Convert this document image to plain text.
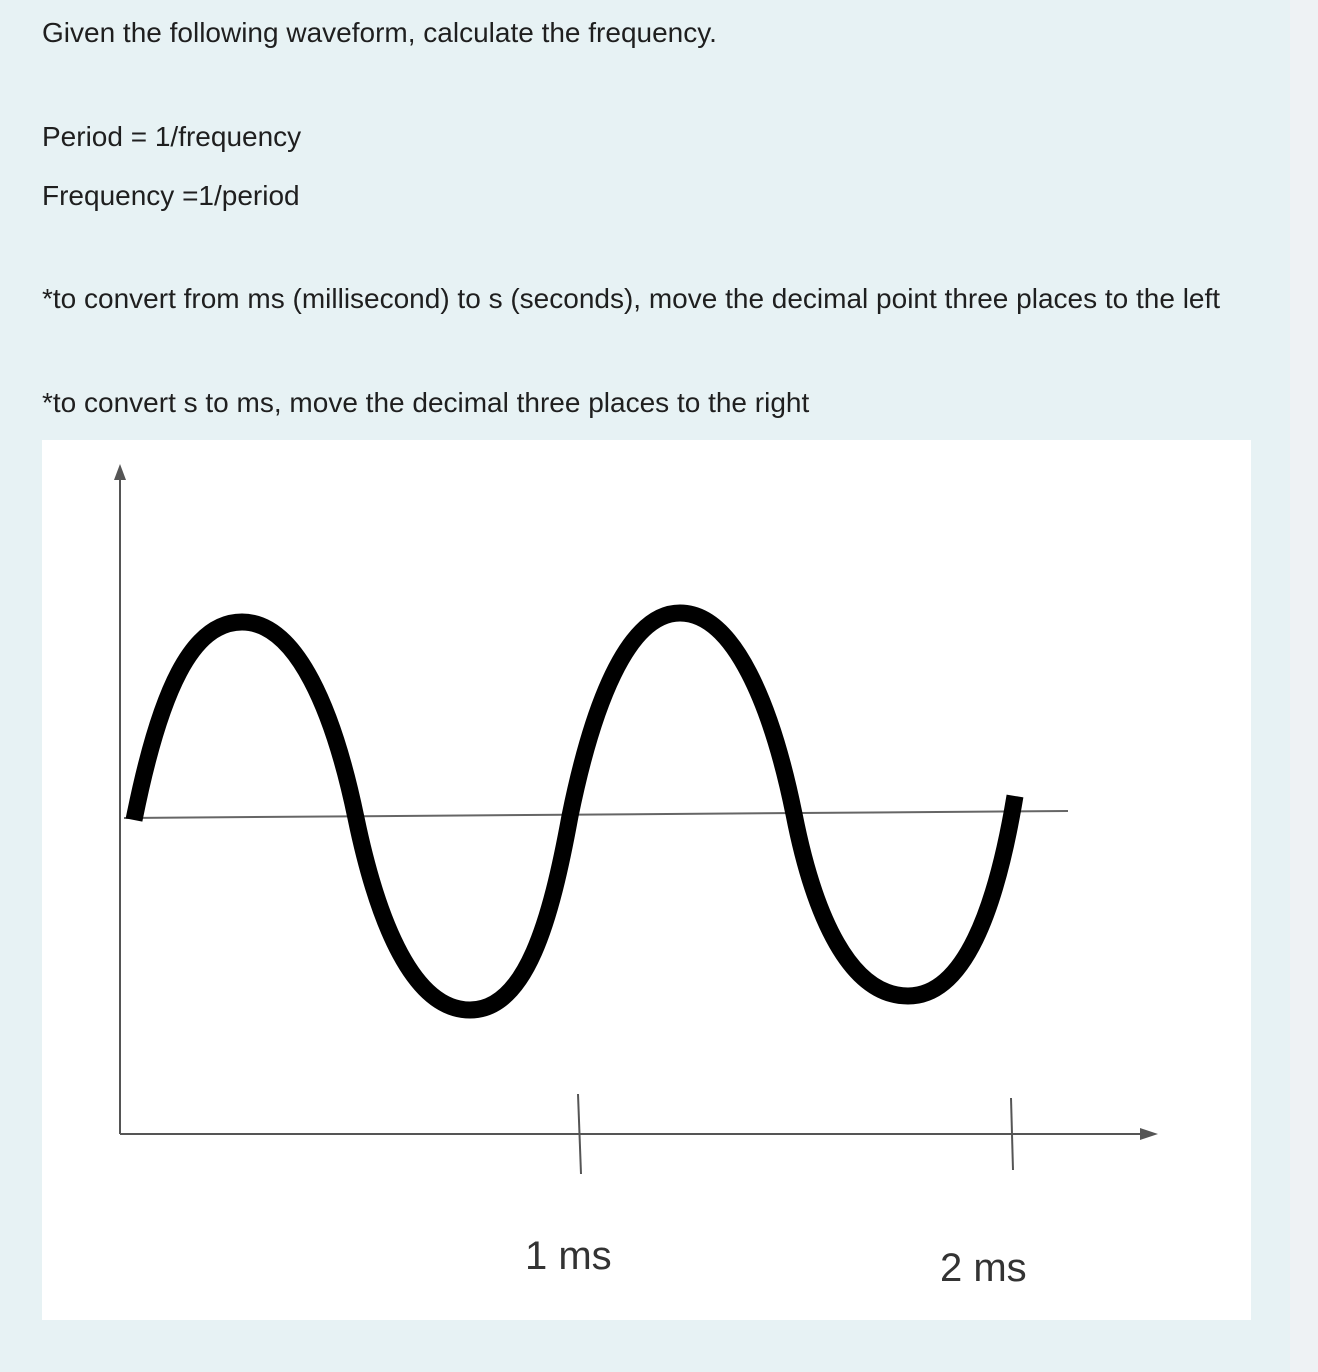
Given the following waveform, calculate the frequency.
Period = 1/frequency
Frequency =1/period
*to convert from ms (millisecond) to s (seconds), move the decimal point three places to the left
*to convert s to ms, move the decimal three places to the right
1 ms	2 ms
